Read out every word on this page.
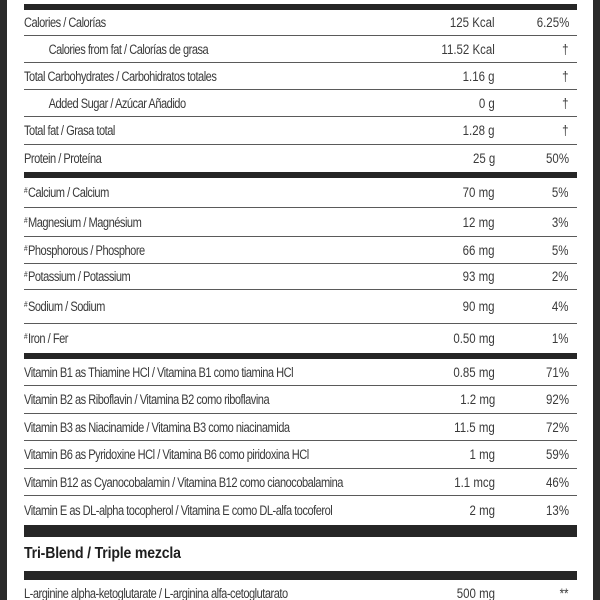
Calories / Calorías	125 Kcal	6.25%
Calories from fat / Calorías de grasa	11.52 Kcal	†
Total Carbohydrates / Carbohidratos totales	1.16 g	†
Added Sugar / Azúcar Añadido	0 g	†
Total fat / Grasa total	1.28 g	†
Protein / Proteína	25 g	50%
#Calcium / Calcium	70 mg	5%
#Magnesium / Magnésium	12 mg	3%
#Phosphorous / Phosphore	66 mg	5%
#Potassium / Potassium	93 mg	2%
#Sodium / Sodium	90 mg	4%
#Iron / Fer	0.50 mg	1%
Vitamin B1 as Thiamine HCl / Vitamina B1 como tiamina HCl	0.85 mg	71%
Vitamin B2 as Riboflavin / Vitamina B2 como riboflavina	1.2 mg	92%
Vitamin B3 as Niacinamide / Vitamina B3 como niacinamida	11.5 mg	72%
Vitamin B6 as Pyridoxine HCl / Vitamina B6 como piridoxina HCl	1 mg	59%
Vitamin B12 as Cyanocobalamin / Vitamina B12 como cianocobalamina	1.1 mcg	46%
Vitamin E as DL-alpha tocopherol / Vitamina E como DL-alfa tocoferol	2 mg	13%
Tri-Blend / Triple mezcla
L-arginine alpha-ketoglutarate / L-arginina alfa-cetoglutarato	500 mg	**
